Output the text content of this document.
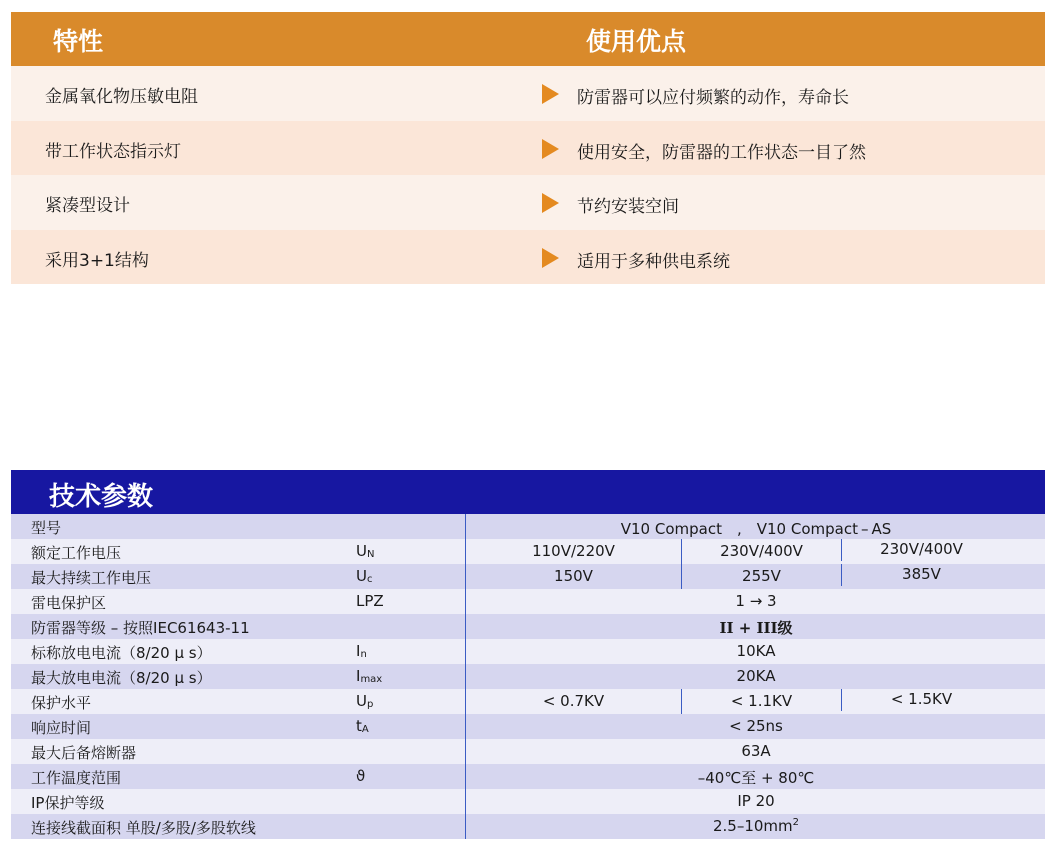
特性	使用优点
金属氧化物压敏电阻	防雷器可以应付频繁的动作，寿命长
带工作状态指示灯	使用安全，防雷器的工作状态一目了然
紧凑型设计	节约安装空间
采用3+1结构	适用于多种供电系统
技术参数
型号	V10 Compact　,　V10 Compact – AS
额定工作电压	$U_N$	110V/220V	230V/400V	230V/400V
最大持续工作电压	$U_c$	150V	255V	385V
雷电保护区	LPZ	1 → 3
防雷器等级 – 按照IEC61643-11	II + III级
标称放电电流（8/20 μ s）	$I_n$	10KA
最大放电电流（8/20 μ s）	$I_{max}$	20KA
保护水平	$U_p$	< 0.7KV	< 1.1KV	< 1.5KV
响应时间	$t_A$	< 25ns
最大后备熔断器	63A
工作温度范围	ϑ	–40℃至 + 80℃
IP保护等级	IP 20
连接线截面积 单股/多股/多股软线	$2.5-10mm^2$
